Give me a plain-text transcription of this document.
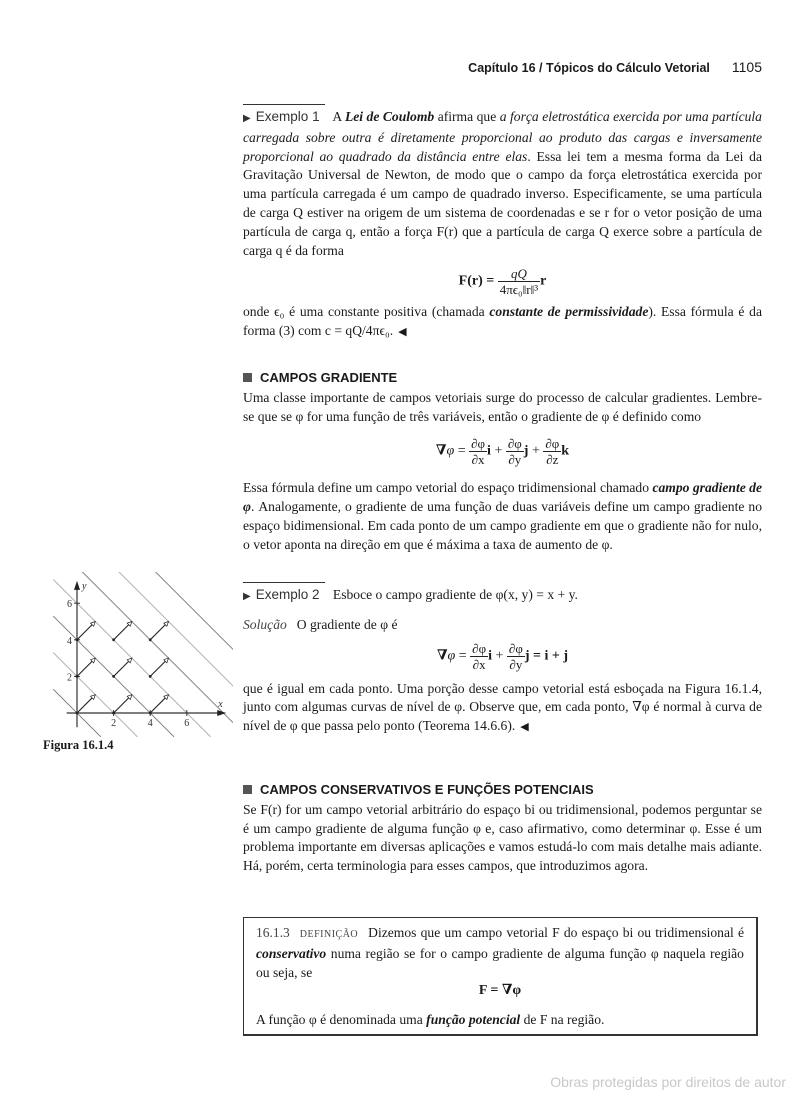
Capítulo 16 / Tópicos do Cálculo Vetorial 1105
▶ Exemplo 1 A Lei de Coulomb afirma que a força eletrostática exercida por uma partícula carregada sobre outra é diretamente proporcional ao produto das cargas e inversamente proporcional ao quadrado da distância entre elas. Essa lei tem a mesma forma da Lei da Gravitação Universal de Newton, de modo que o campo da força eletrostática exercida por uma partícula carregada é um campo de quadrado inverso. Especificamente, se uma partícula de carga Q estiver na origem de um sistema de coordenadas e se r for o vetor posição de uma partícula de carga q, então a força F(r) que a partícula de carga Q exerce sobre a partícula de carga q é da forma
$F(r) = \frac{qQ}{\text{4πϵ₀‖r‖³}}$ r
onde ϵ₀ é uma constante positiva (chamada constante de permissividade). Essa fórmula é da forma (3) com c = qQ/4πϵ₀. ◀
CAMPOS GRADIENTE
Uma classe importante de campos vetoriais surge do processo de calcular gradientes. Lembre-se que se φ for uma função de três variáveis, então o gradiente de φ é definido como
$\nabla\varphi = \frac{\partial\varphi}{\partial x}$ $i + \frac{\partial\varphi}{\partial y}$ $j + \frac{\partial\varphi}{\partial z}$ k
Essa fórmula define um campo vetorial do espaço tridimensional chamado campo gradiente de φ. Analogamente, o gradiente de uma função de duas variáveis define um campo gradiente no espaço bidimensional. Em cada ponto de um campo gradiente em que o gradiente não for nulo, o vetor aponta na direção em que é máxima a taxa de aumento de φ.
2	4	6
2
4
6
x
y
Figura 16.1.4
▶ Exemplo 2 Esboce o campo gradiente de φ(x, y) = x + y.
Solução O gradiente de φ é
$\nabla\varphi = \frac{\partial\varphi}{\partial x}$ $i + \frac{\partial\varphi}{\partial y}$ j = i + j
que é igual em cada ponto. Uma porção desse campo vetorial está esboçada na Figura 16.1.4, junto com algumas curvas de nível de φ. Observe que, em cada ponto, ∇φ é normal à curva de nível de φ que passa pelo ponto (Teorema 14.6.6). ◀
CAMPOS CONSERVATIVOS E FUNÇÕES POTENCIAIS
Se F(r) for um campo vetorial arbitrário do espaço bi ou tridimensional, podemos perguntar se é um campo gradiente de alguma função φ e, caso afirmativo, como determinar φ. Esse é um problema importante em diversas aplicações e vamos estudá-lo com mais detalhe mais adiante. Há, porém, certa terminologia para esses campos, que introduzimos agora.
16.1.3 DEFINIÇÃO Dizemos que um campo vetorial F do espaço bi ou tridimensional é conservativo numa região se for o campo gradiente de alguma função φ naquela região ou seja, se
F = ∇φ
A função φ é denominada uma função potencial de F na região.
Obras protegidas por direitos de autor
